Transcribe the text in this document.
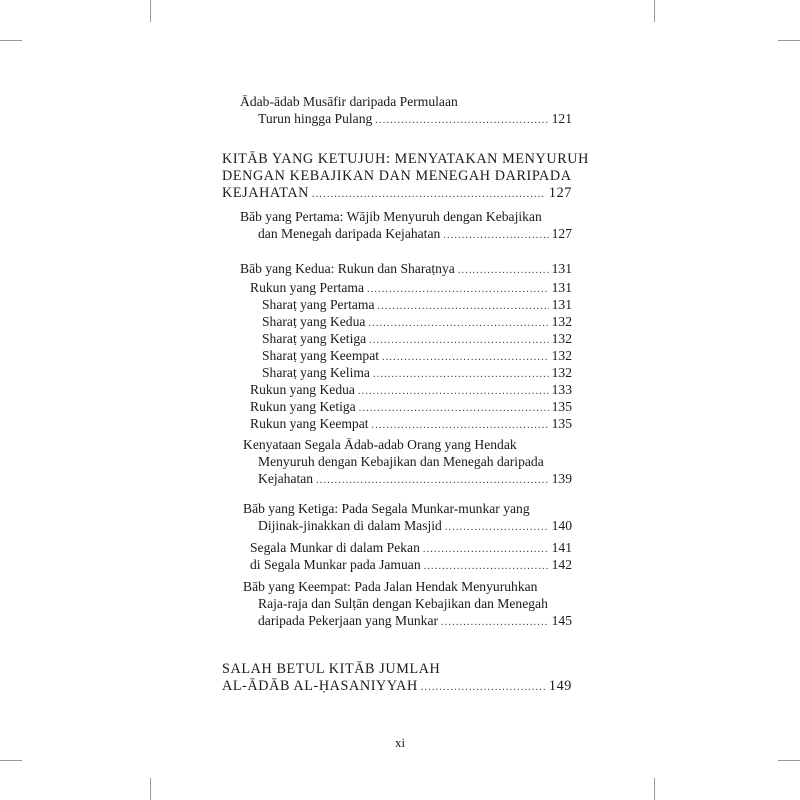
Ādab-ādab Musāfir daripada Permulaan
Turun hingga Pulang .....	121
KITĀB YANG KETUJUH: MENYATAKAN MENYURUH
DENGAN KEBAJIKAN DAN MENEGAH DARIPADA
KEJAHATAN .....	127
Bāb yang Pertama: Wājib Menyuruh dengan Kebajikan
dan Menegah daripada Kejahatan .....	127
Bāb yang Kedua: Rukun dan Sharaṭnya .....	131
Rukun yang Pertama .....	131
Sharaṭ yang Pertama .....	131
Sharaṭ yang Kedua .....	132
Sharaṭ yang Ketiga .....	132
Sharaṭ yang Keempat .....	132
Sharaṭ yang Kelima .....	132
Rukun yang Kedua .....	133
Rukun yang Ketiga .....	135
Rukun yang Keempat .....	135
Kenyataan Segala Ādab-adab Orang yang Hendak
Menyuruh dengan Kebajikan dan Menegah daripada
Kejahatan .....	139
Bāb yang Ketiga: Pada Segala Munkar-munkar yang
Dijinak-jinakkan di dalam Masjid .....	140
Segala Munkar di dalam Pekan .....	141
di Segala Munkar pada Jamuan .....	142
Bāb yang Keempat: Pada Jalan Hendak Menyuruhkan
Raja-raja dan Sulṭān dengan Kebajikan dan Menegah
daripada Pekerjaan yang Munkar .....	145
SALAH BETUL KITĀB JUMLAH
AL-ĀDĀB AL-ḤASANIYYAH .....	149
xi
